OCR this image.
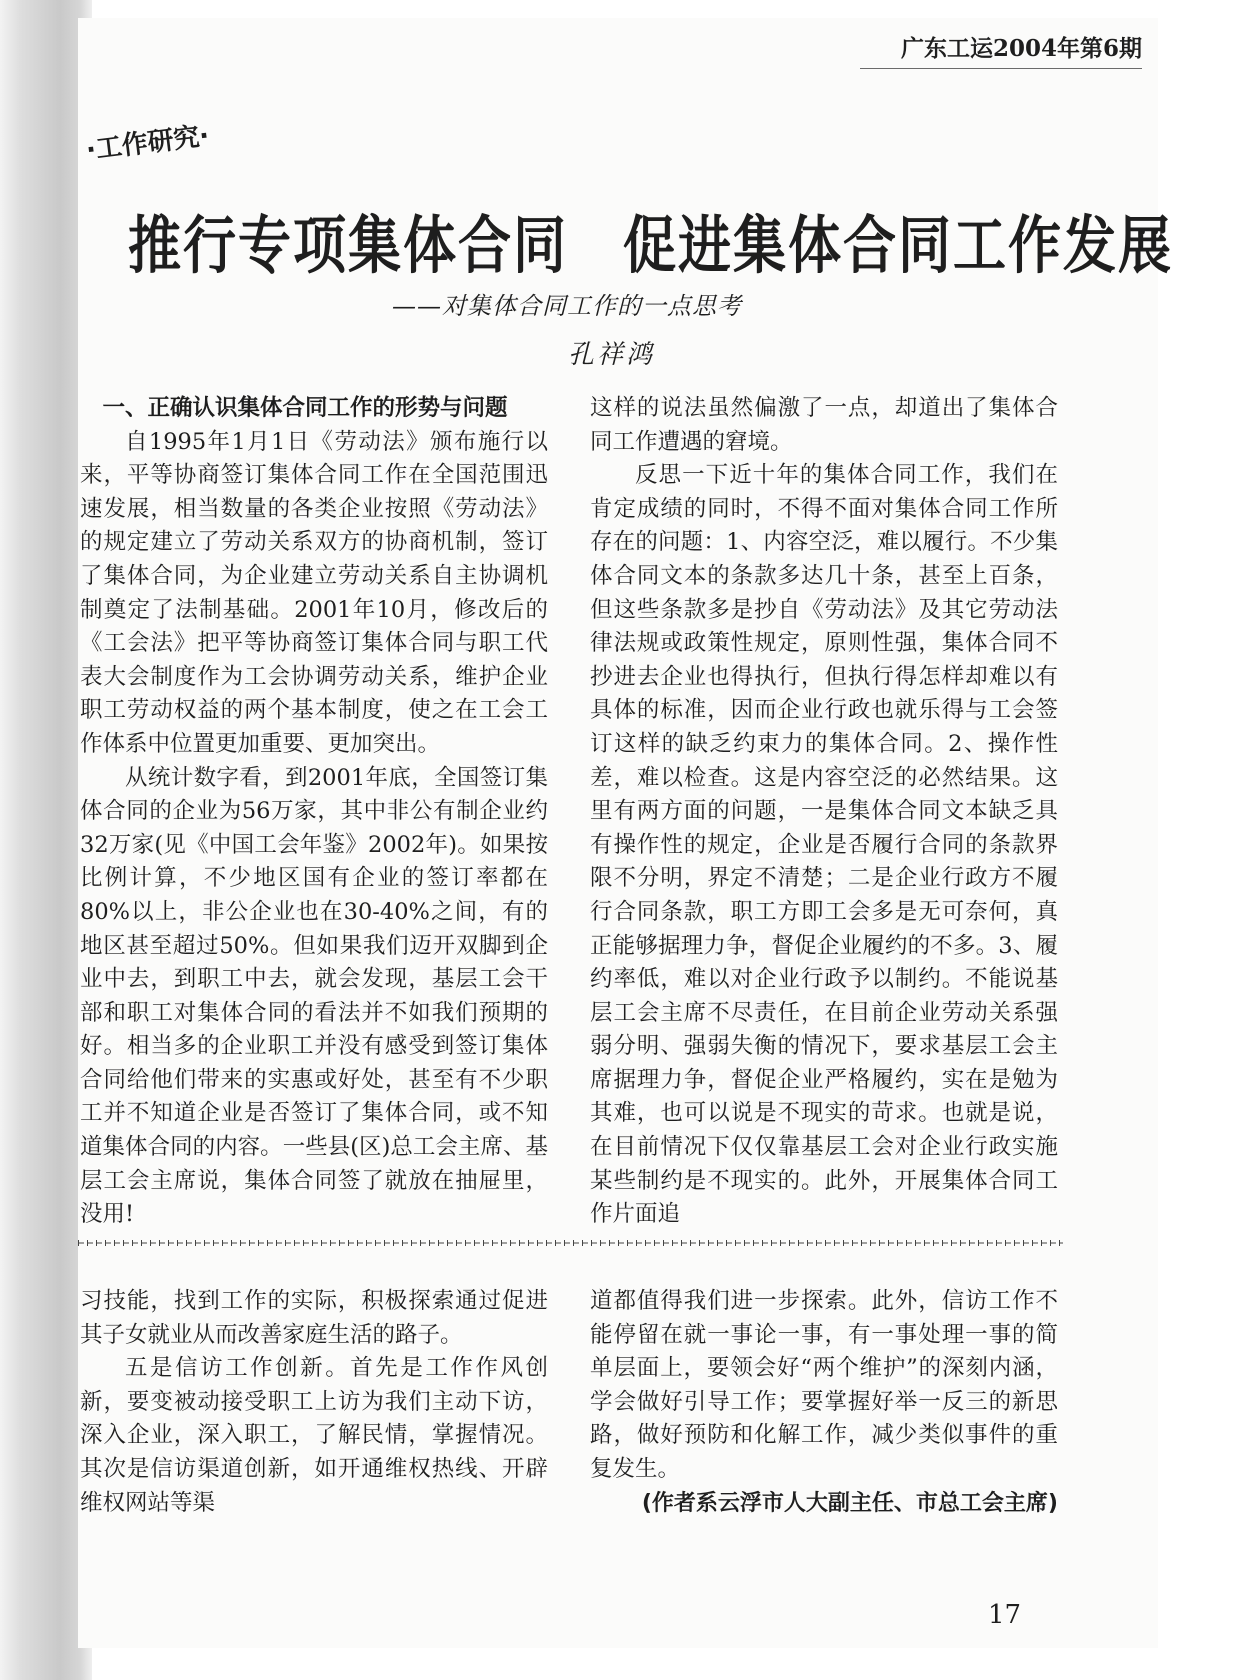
广东工运2004年第6期
·工作研究·
推行专项集体合同　促进集体合同工作发展
——对集体合同工作的一点思考
孔祥鸿
一、正确认识集体合同工作的形势与问题

自1995年1月1日《劳动法》颁布施行以来，平等协商签订集体合同工作在全国范围迅速发展，相当数量的各类企业按照《劳动法》的规定建立了劳动关系双方的协商机制，签订了集体合同，为企业建立劳动关系自主协调机制奠定了法制基础。2001年10月，修改后的《工会法》把平等协商签订集体合同与职工代表大会制度作为工会协调劳动关系，维护企业职工劳动权益的两个基本制度，使之在工会工作体系中位置更加重要、更加突出。

从统计数字看，到2001年底，全国签订集体合同的企业为56万家，其中非公有制企业约32万家(见《中国工会年鉴》2002年)。如果按比例计算，不少地区国有企业的签订率都在80%以上，非公企业也在30-40%之间，有的地区甚至超过50%。但如果我们迈开双脚到企业中去，到职工中去，就会发现，基层工会干部和职工对集体合同的看法并不如我们预期的好。相当多的企业职工并没有感受到签订集体合同给他们带来的实惠或好处，甚至有不少职工并不知道企业是否签订了集体合同，或不知道集体合同的内容。一些县(区)总工会主席、基层工会主席说，集体合同签了就放在抽屉里，没用!

这样的说法虽然偏激了一点，却道出了集体合同工作遭遇的窘境。

反思一下近十年的集体合同工作，我们在肯定成绩的同时，不得不面对集体合同工作所存在的问题：1、内容空泛，难以履行。不少集体合同文本的条款多达几十条，甚至上百条，但这些条款多是抄自《劳动法》及其它劳动法律法规或政策性规定，原则性强，集体合同不抄进去企业也得执行，但执行得怎样却难以有具体的标准，因而企业行政也就乐得与工会签订这样的缺乏约束力的集体合同。2、操作性差，难以检查。这是内容空泛的必然结果。这里有两方面的问题，一是集体合同文本缺乏具有操作性的规定，企业是否履行合同的条款界限不分明，界定不清楚；二是企业行政方不履行合同条款，职工方即工会多是无可奈何，真正能够据理力争，督促企业履约的不多。3、履约率低，难以对企业行政予以制约。不能说基层工会主席不尽责任，在目前企业劳动关系强弱分明、强弱失衡的情况下，要求基层工会主席据理力争，督促企业严格履约，实在是勉为其难，也可以说是不现实的苛求。也就是说，在目前情况下仅仅靠基层工会对企业行政实施某些制约是不现实的。此外，开展集体合同工作片面追

习技能，找到工作的实际，积极探索通过促进其子女就业从而改善家庭生活的路子。

五是信访工作创新。首先是工作作风创新，要变被动接受职工上访为我们主动下访，深入企业，深入职工，了解民情，掌握情况。其次是信访渠道创新，如开通维权热线、开辟维权网站等渠

道都值得我们进一步探索。此外，信访工作不能停留在就一事论一事，有一事处理一事的简单层面上，要领会好“两个维护”的深刻内涵，学会做好引导工作；要掌握好举一反三的新思路，做好预防和化解工作，减少类似事件的重复发生。

(作者系云浮市人大副主任、市总工会主席)

17
